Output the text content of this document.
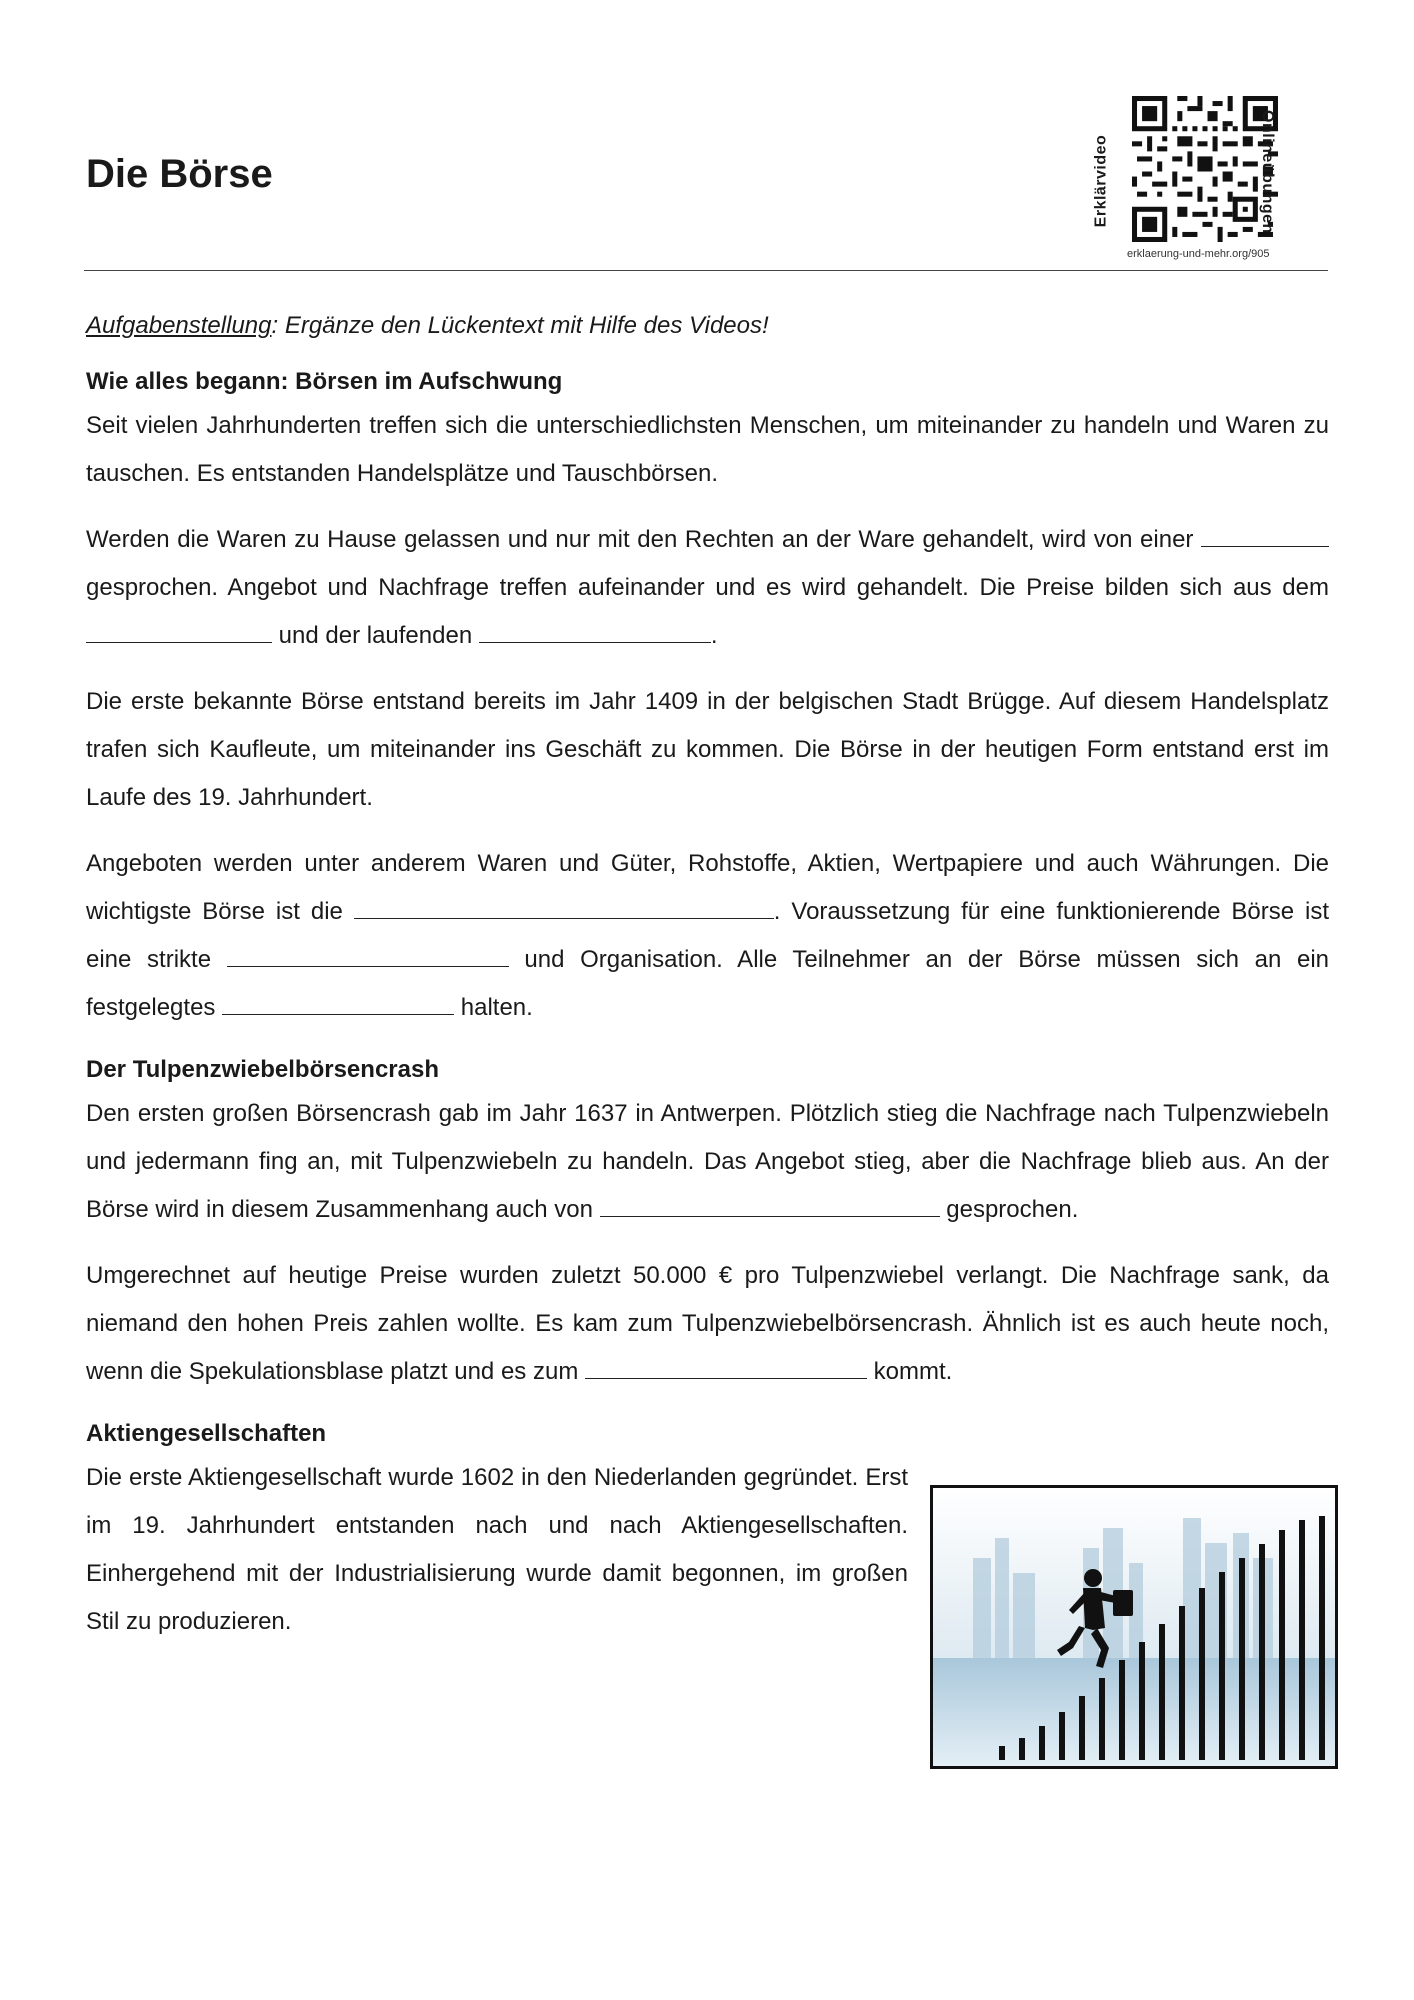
Die Börse	Erklärvideo
erklaerung-und-mehr.org/905
Onlineübungen

Aufgabenstellung: Ergänze den Lückentext mit Hilfe des Videos!

Wie alles begann: Börsen im Aufschwung

Seit vielen Jahrhunderten treffen sich die unterschiedlichsten Menschen, um miteinander zu handeln und Waren zu tauschen. Es entstanden Handelsplätze und Tauschbörsen.

Werden die Waren zu Hause gelassen und nur mit den Rechten an der Ware gehandelt, wird von einer  gesprochen. Angebot und Nachfrage treffen aufeinander und es wird gehandelt. Die Preise bilden sich aus dem  und der laufenden	.

Die erste bekannte Börse entstand bereits im Jahr 1409 in der belgischen Stadt Brügge. Auf diesem Handelsplatz trafen sich Kaufleute, um miteinander ins Geschäft zu kommen. Die Börse in der heutigen Form entstand erst im Laufe des 19. Jahrhundert.

Angeboten werden unter anderem Waren und Güter, Rohstoffe, Aktien, Wertpapiere und auch Währungen. Die wichtigste Börse ist die	. Voraussetzung für eine funktionierende Börse ist eine strikte	und Organisation. Alle Teilnehmer an der Börse müssen sich an ein festgelegtes	halten.

Der Tulpenzwiebelbörsencrash

Den ersten großen Börsencrash gab im Jahr 1637 in Antwerpen. Plötzlich stieg die Nachfrage nach Tulpenzwiebeln und jedermann fing an, mit Tulpenzwiebeln zu handeln. Das Angebot stieg, aber die Nachfrage blieb aus. An der Börse wird in diesem Zusammenhang auch von	gesprochen.

Umgerechnet auf heutige Preise wurden zuletzt 50.000 € pro Tulpenzwiebel verlangt. Die Nachfrage sank, da niemand den hohen Preis zahlen wollte. Es kam zum Tulpenzwiebelbörsencrash. Ähnlich ist es auch heute noch, wenn die Spekulationsblase platzt und es zum	kommt.

Aktiengesellschaften

Die erste Aktiengesellschaft wurde 1602 in den Niederlanden gegründet. Erst im 19. Jahrhundert entstanden nach und nach Aktiengesellschaften. Einhergehend mit der Industrialisierung wurde damit begonnen, im großen Stil zu produzieren.
